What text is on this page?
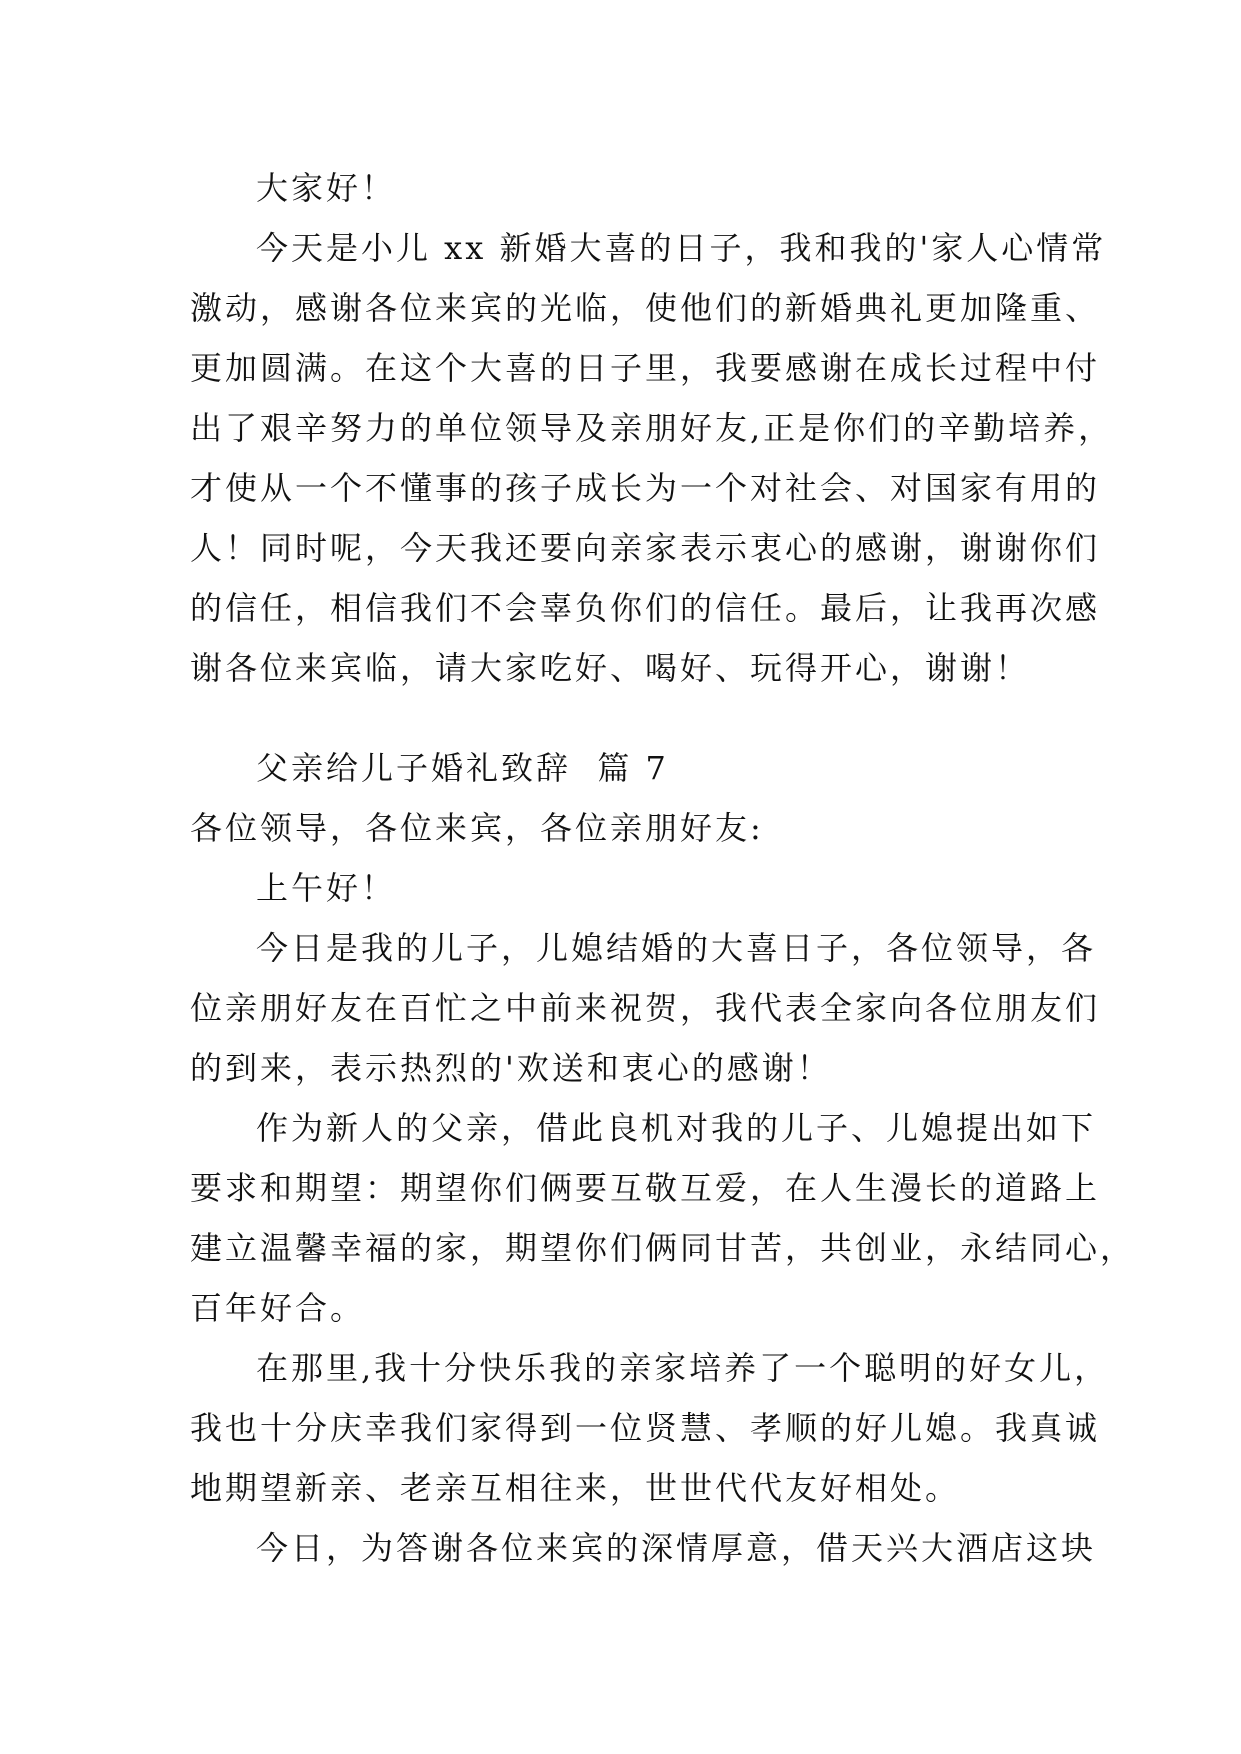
大家好！
今天是小儿 xx 新婚大喜的日子，我和我的'家人心情常
激动，感谢各位来宾的光临，使他们的新婚典礼更加隆重、
更加圆满。在这个大喜的日子里，我要感谢在成长过程中付
出了艰辛努力的单位领导及亲朋好友,正是你们的辛勤培养，
才使从一个不懂事的孩子成长为一个对社会、对国家有用的
人！同时呢，今天我还要向亲家表示衷心的感谢，谢谢你们
的信任，相信我们不会辜负你们的信任。最后，让我再次感
谢各位来宾临，请大家吃好、喝好、玩得开心，谢谢！
父亲给儿子婚礼致辞  篇 7
各位领导，各位来宾，各位亲朋好友:
上午好！
今日是我的儿子，儿媳结婚的大喜日子，各位领导，各
位亲朋好友在百忙之中前来祝贺，我代表全家向各位朋友们
的到来，表示热烈的'欢送和衷心的感谢！
作为新人的父亲，借此良机对我的儿子、儿媳提出如下
要求和期望：期望你们俩要互敬互爱，在人生漫长的道路上
建立温馨幸福的家，期望你们俩同甘苦，共创业，永结同心，
百年好合。
在那里,我十分快乐我的亲家培养了一个聪明的好女儿，
我也十分庆幸我们家得到一位贤慧、孝顺的好儿媳。我真诚
地期望新亲、老亲互相往来，世世代代友好相处。
今日，为答谢各位来宾的深情厚意，借天兴大酒店这块
